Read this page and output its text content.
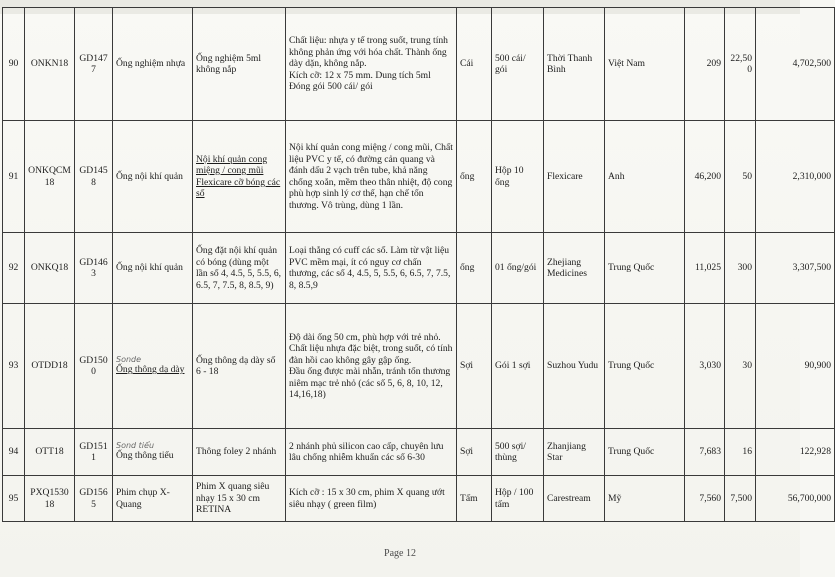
90	ONKN18	GD1477	Ống nghiệm nhựa	Ống nghiệm 5ml không nắp	Chất liệu: nhựa y tế trong suốt, trung tính không phản ứng với hóa chất. Thành ống dày dặn, không nắp.
Kích cỡ: 12 x 75 mm. Dung tích 5ml
Đóng gói 500 cái/ gói	Cái	500 cái/ gói	Thời Thanh Bình	Việt Nam	209	22,500	4,702,500
91	ONKQCM18	GD1458	Ống nội khí quản	Nội khí quản cong miệng / cong mũi Flexicare cỡ bóng các số	Nội khí quản cong miệng / cong mũi, Chất liệu PVC y tế, có đường cản quang và đánh dấu 2 vạch trên tube, khả năng chống xoắn, mềm theo thân nhiệt, độ cong phù hợp sinh lý cơ thể, hạn chế tổn thương. Vô trùng, dùng 1 lần.	ống	Hộp 10 ống	Flexicare	Anh	46,200	50	2,310,000
92	ONKQ18	GD1463	Ống nội khí quản	Ống đặt nội khí quản có bóng (dùng một lần số 4, 4.5, 5, 5.5, 6, 6.5, 7, 7.5, 8, 8.5, 9)	Loại thẳng có cuff các số. Làm từ vật liệu PVC mềm mại, ít có nguy cơ chấn thương, các số 4, 4.5, 5, 5.5, 6, 6.5, 7, 7.5, 8, 8.5,9	ống	01 ống/gói	Zhejiang Medicines	Trung Quốc	11,025	300	3,307,500
93	OTDD18	GD1500	Sonde
Ống thông dạ dày	Ống thông dạ dày số 6 - 18	Độ dài ống 50 cm, phù hợp với trẻ nhỏ.
Chất liệu nhựa đặc biệt, trong suốt, có tính đàn hồi cao không gây gập ống.
Đầu ống được mài nhẵn, tránh tổn thương niêm mạc trẻ nhỏ (các số 5, 6, 8, 10, 12, 14,16,18)	Sợi	Gói 1 sợi	Suzhou Yudu	Trung Quốc	3,030	30	90,900
94	OTT18	GD1511	Sond tiểu
Ống thông tiểu	Thông foley 2 nhánh	2 nhánh phủ silicon cao cấp, chuyên lưu lâu chống nhiễm khuẩn các số 6-30	Sợi	500 sợi/ thùng	Zhanjiang Star	Trung Quốc	7,683	16	122,928
95	PXQ153018	GD1565	Phim chụp X-Quang	Phim X quang siêu nhạy 15 x 30 cm RETINA	Kích cỡ : 15 x 30 cm, phim X quang ướt siêu nhạy ( green film)	Tấm	Hộp / 100 tấm	Carestream	Mỹ	7,560	7,500	56,700,000
Page 12
